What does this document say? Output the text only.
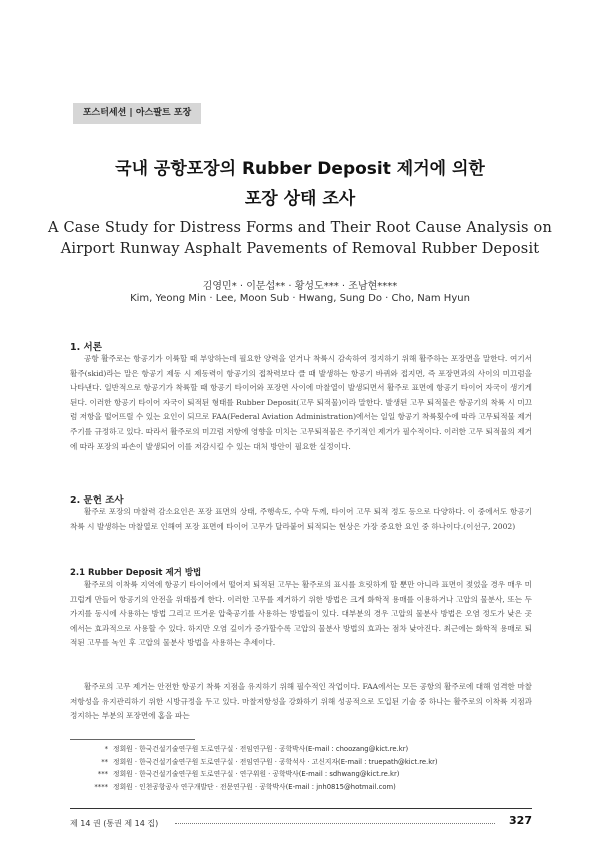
포스터세션 | 아스팔트 포장
국내 공항포장의 Rubber Deposit 제거에 의한
포장 상태 조사
A Case Study for Distress Forms and Their Root Cause Analysis on
Airport Runway Asphalt Pavements of Removal Rubber Deposit
김영민* · 이문섭** · 황성도*** · 조남현****
Kim, Yeong Min · Lee, Moon Sub · Hwang, Sung Do · Cho, Nam Hyun
1. 서론

공항 활주로는 항공기가 이륙할 때 부양하는데 필요한 양력을 얻거나 착륙시 감속하여 정지하기 위해 활주하는 포장면을 말한다. 여기서 활주(skid)라는 말은 항공기 제동 시 제동력이 항공기의 접착력보다 클 때 발생하는 항공기 바퀴와 접지면, 즉 포장면과의 사이의 미끄럼을 나타낸다. 일반적으로 항공기가 착륙할 때 항공기 타이어와 포장면 사이에 마찰열이 발생되면서 활주로 표면에 항공기 타이어 자국이 생기게 된다. 이러한 항공기 타이어 자국이 퇴적된 형태를 Rubber Deposit(고무 퇴적물)이라 말한다. 발생된 고무 퇴적물은 항공기의 착륙 시 미끄럼 저항을 떨어뜨릴 수 있는 요인이 되므로 FAA(Federal Aviation Administration)에서는 일일 항공기 착륙횟수에 따라 고무퇴적물 제거 주기를 규정하고 있다. 따라서 활주로의 미끄럼 저항에 영향을 미치는 고무퇴적물은 주기적인 제거가 필수적이다. 이러한 고무 퇴적물의 제거에 따라 포장의 파손이 발생되어 이를 저감시킬 수 있는 대처 방안이 필요한 실정이다.

2. 문헌 조사

활주로 포장의 마찰력 감소요인은 포장 표면의 상태, 주행속도, 수막 두께, 타이어 고무 퇴적 정도 등으로 다양하다. 이 중에서도 항공기 착륙 시 발생하는 마찰열로 인해여 포장 표면에 타이어 고무가 달라붙어 퇴적되는 현상은 가장 중요한 요인 중 하나이다.(이선구, 2002)

2.1 Rubber Deposit 제거 방법

활주로의 이착륙 지역에 항공기 타이어에서 떨어져 퇴적된 고무는 활주로의 표시를 흐릿하게 할 뿐만 아니라 표면이 젖었을 경우 매우 미끄럽게 만들어 항공기의 안전을 위태롭게 한다. 이러한 고무를 제거하기 위한 방법은 크게 화학적 용매를 이용하거나 고압의 물분사, 또는 두 가지를 동시에 사용하는 방법 그리고 뜨거운 압축공기를 사용하는 방법들이 있다. 대부분의 경우 고압의 물분사 방법은 오염 정도가 낮은 곳에서는 효과적으로 사용할 수 있다. 하지만 오염 깊이가 증가할수록 고압의 물분사 방법의 효과는 점차 낮아진다. 최근에는 화학적 용매로 퇴적된 고무를 녹인 후 고압의 물분사 방법을 사용하는 추세이다.

활주로의 고무 제거는 안전한 항공기 착륙 지점을 유지하기 위해 필수적인 작업이다. FAA에서는 모든 공항의 활주로에 대해 엄격한 마찰저항성을 유지관리하기 위한 시방규정을 두고 있다. 마찰저항성을 강화하기 위해 성공적으로 도입된 기술 중 하나는 활주로의 이착륙 지점과 정지하는 부분의 포장면에 홈을 파는

* 정회원 · 한국건설기술연구원 도로연구실 · 전임연구원 · 공학박사(E-mail : choozang@kict.re.kr)
** 정회원 · 한국건설기술연구원 도로연구실 · 전임연구원 · 공학석사 · 고신지자(E-mail : truepath@kict.re.kr)
*** 정회원 · 한국건설기술연구원 도로연구실 · 연구위원 · 공학박사(E-mail : sdhwang@kict.re.kr)
**** 정회원 · 인천공항공사 연구개발단 · 전문연구원 · 공학박사(E-mail : jnh0815@hotmail.com)
제 14 권 (통권 제 14 집)	327
